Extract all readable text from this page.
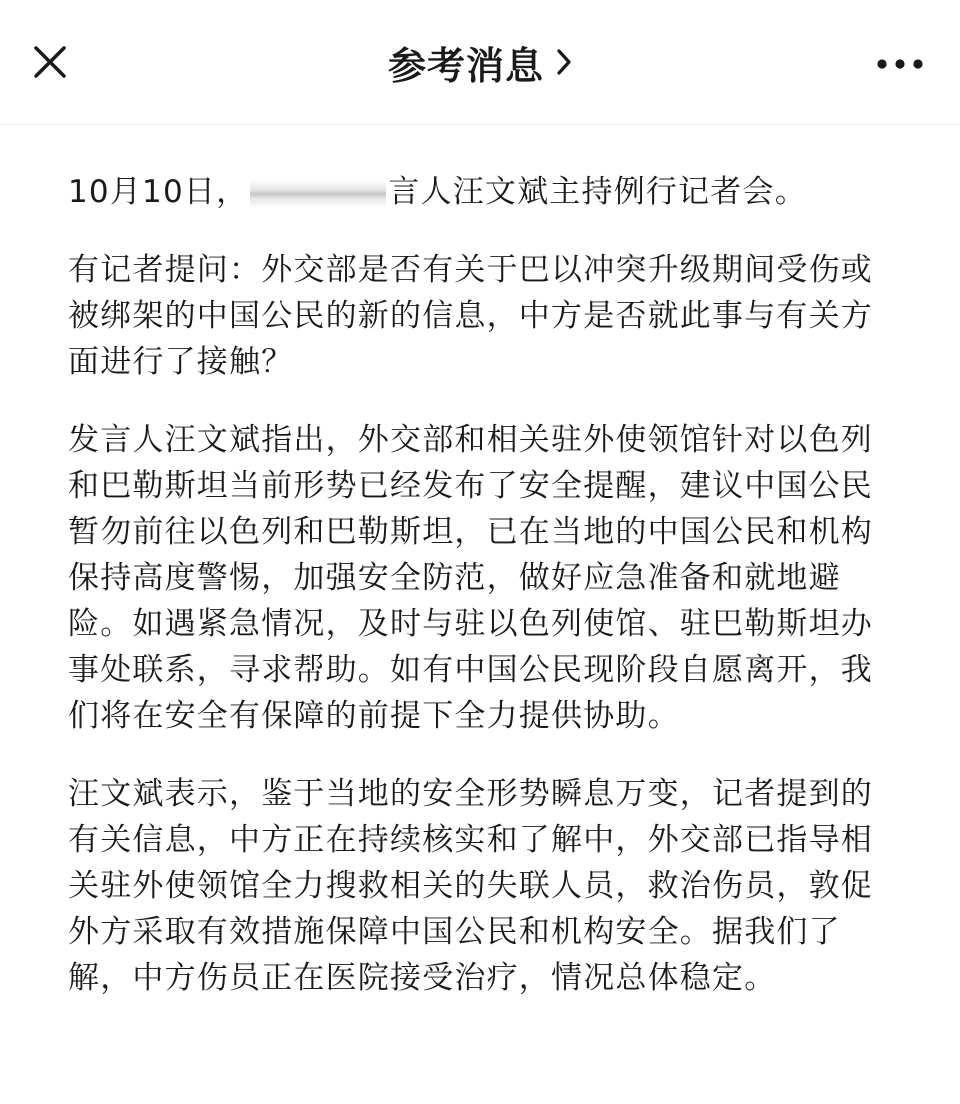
参考消息

10月10日，	言人汪文斌主持例行记者会。

有记者提问：外交部是否有关于巴以冲突升级期间受伤或被绑架的中国公民的新的信息，中方是否就此事与有关方面进行了接触？

发言人汪文斌指出，外交部和相关驻外使领馆针对以色列和巴勒斯坦当前形势已经发布了安全提醒，建议中国公民暂勿前往以色列和巴勒斯坦，已在当地的中国公民和机构保持高度警惕，加强安全防范，做好应急准备和就地避险。如遇紧急情况，及时与驻以色列使馆、驻巴勒斯坦办事处联系，寻求帮助。如有中国公民现阶段自愿离开，我们将在安全有保障的前提下全力提供协助。

汪文斌表示，鉴于当地的安全形势瞬息万变，记者提到的有关信息，中方正在持续核实和了解中，外交部已指导相关驻外使领馆全力搜救相关的失联人员，救治伤员，敦促外方采取有效措施保障中国公民和机构安全。据我们了解，中方伤员正在医院接受治疗，情况总体稳定。
